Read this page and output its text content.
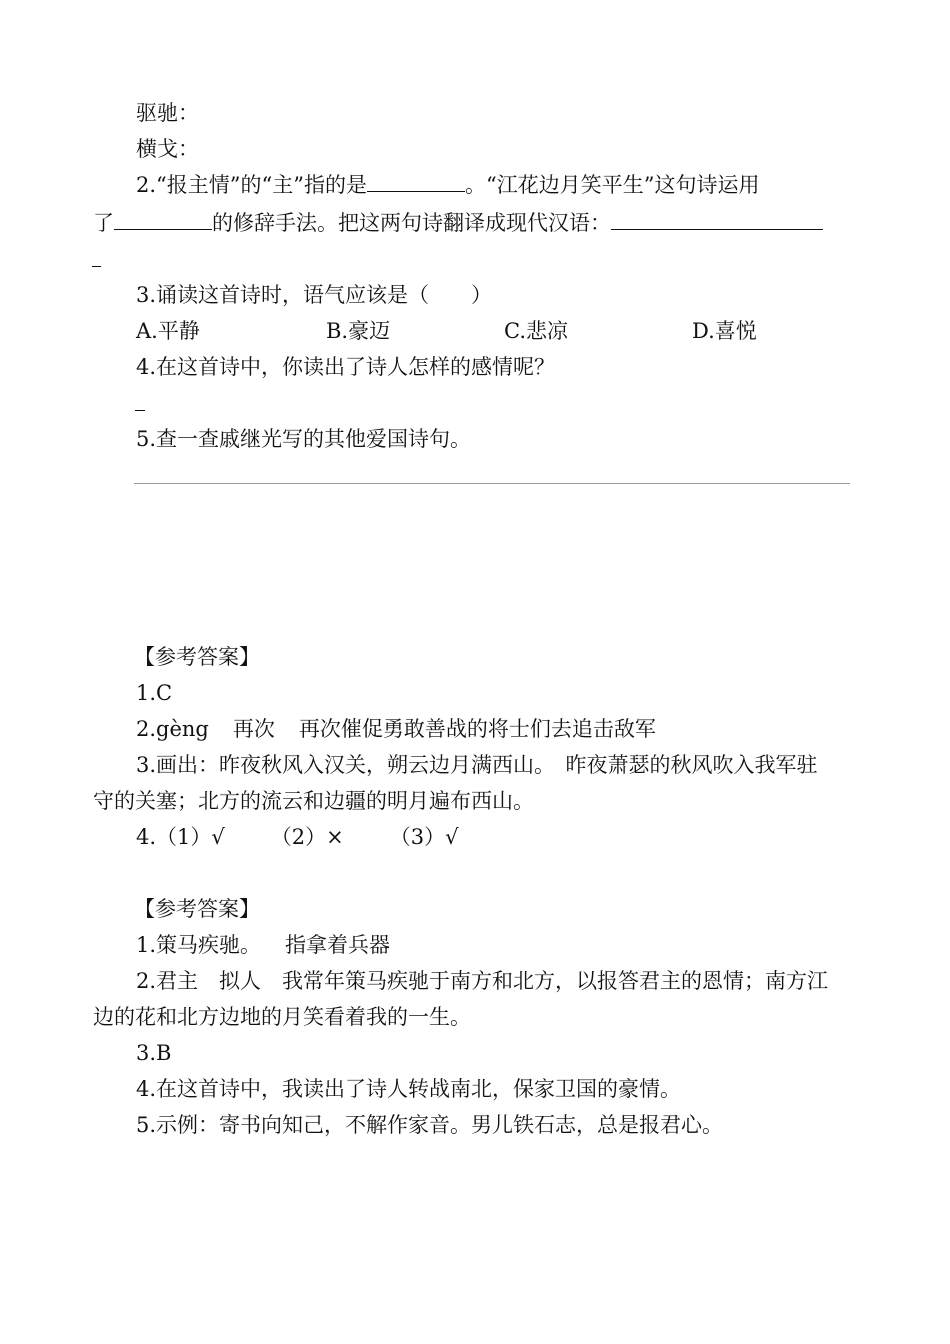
驱驰：
横戈：
2.“报主情”的“主”指的是	。“江花边月笑平生”这句诗运用
了	的修辞手法。把这两句诗翻译成现代汉语：
3.诵读这首诗时，语气应该是（　　）
A.平静	B.豪迈	C.悲凉	D.喜悦
4.在这首诗中，你读出了诗人怎样的感情呢？
5.查一查戚继光写的其他爱国诗句。
【参考答案】
1.C
2.gèng 再次 再次催促勇敢善战的将士们去追击敌军
3.画出：昨夜秋风入汉关，朔云边月满西山。　昨夜萧瑟的秋风吹入我军驻
守的关塞；北方的流云和边疆的明月遍布西山。
4.（1）√ （2）× （3）√
【参考答案】
1.策马疾驰。 指拿着兵器
2.君主　拟人　我常年策马疾驰于南方和北方，以报答君主的恩情；南方江
边的花和北方边地的月笑看着我的一生。
3.B
4.在这首诗中，我读出了诗人转战南北，保家卫国的豪情。
5.示例：寄书向知己，不解作家音。男儿铁石志，总是报君心。
